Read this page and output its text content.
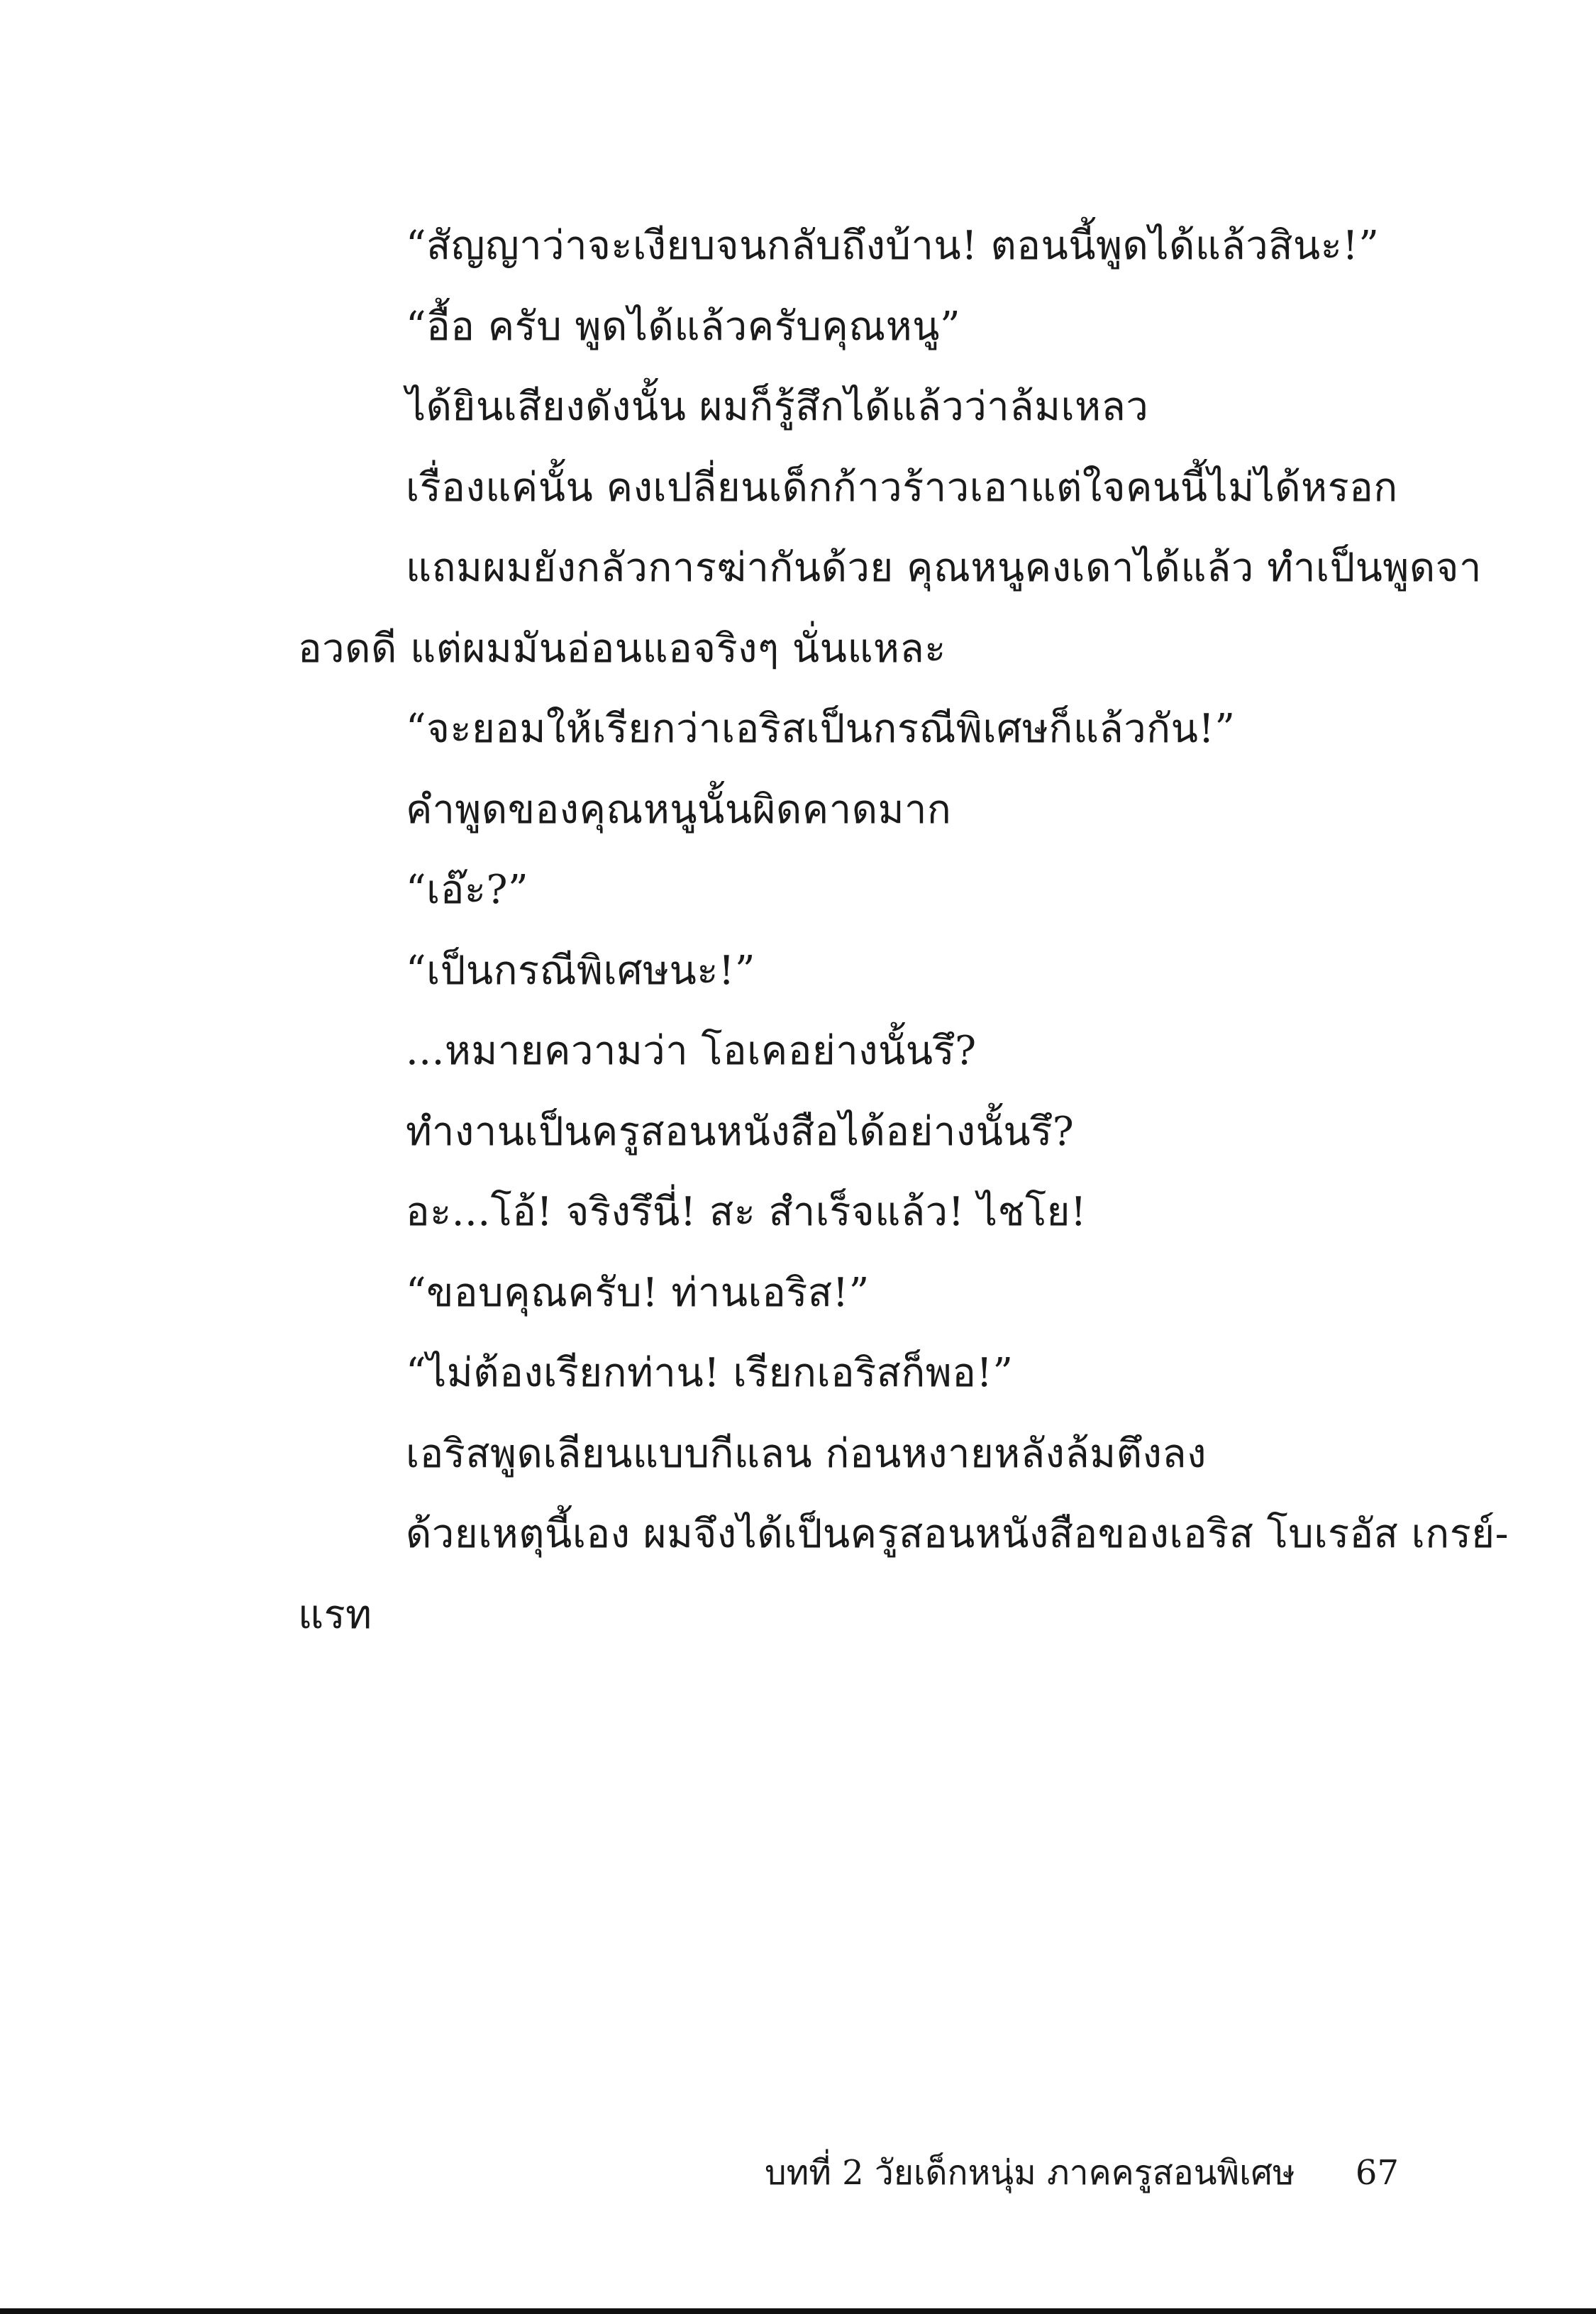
“สัญญาว่าจะเงียบจนกลับถึงบ้าน! ตอนนี้พูดได้แล้วสินะ!”
“อื้อ ครับ พูดได้แล้วครับคุณหนู”
ได้ยินเสียงดังนั้น ผมก็รู้สึกได้แล้วว่าล้มเหลว
เรื่องแค่นั้น คงเปลี่ยนเด็กก้าวร้าวเอาแต่ใจคนนี้ไม่ได้หรอก
แถมผมยังกลัวการฆ่ากันด้วย คุณหนูคงเดาได้แล้ว ทำเป็นพูดจา
อวดดี แต่ผมมันอ่อนแอจริงๆ นั่นแหละ
“จะยอมให้เรียกว่าเอริสเป็นกรณีพิเศษก็แล้วกัน!”
คำพูดของคุณหนูนั้นผิดคาดมาก
“เอ๊ะ?”
“เป็นกรณีพิเศษนะ!”
...หมายความว่า โอเคอย่างนั้นรึ?
ทำงานเป็นครูสอนหนังสือได้อย่างนั้นรึ?
อะ...โอ้! จริงรึนี่! สะ สำเร็จแล้ว! ไชโย!
“ขอบคุณครับ! ท่านเอริส!”
“ไม่ต้องเรียกท่าน! เรียกเอริสก็พอ!”
เอริสพูดเลียนแบบกีแลน ก่อนหงายหลังล้มตึงลง
ด้วยเหตุนี้เอง ผมจึงได้เป็นครูสอนหนังสือของเอริส โบเรอัส เกรย์-
แรท
บทที่ 2 วัยเด็กหนุ่ม ภาคครูสอนพิเศษ 67
